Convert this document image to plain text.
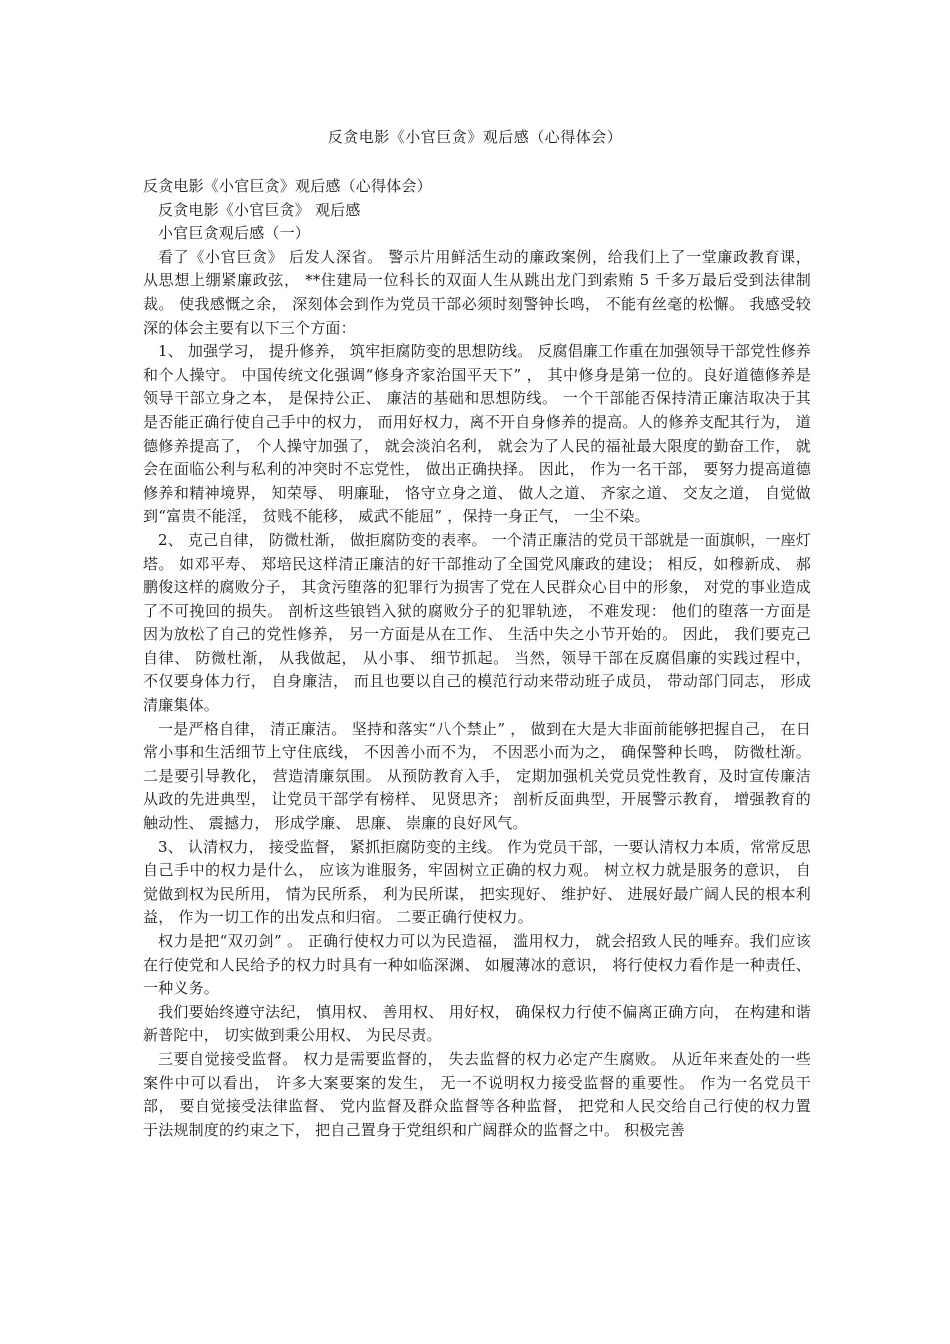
反贪电影《小官巨贪》观后感（心得体会）

反贪电影《小官巨贪》观后感（心得体会）

反贪电影《小官巨贪》 观后感

小官巨贪观后感（一）

看了《小官巨贪》 后发人深省。 警示片用鲜活生动的廉政案例，给我们上了一堂廉政教育课， 从思想上绷紧廉政弦， **住建局一位科长的双面人生从跳出龙门到索贿 5 千多万最后受到法律制裁。 使我感慨之余， 深刻体会到作为党员干部必须时刻警钟长鸣， 不能有丝毫的松懈。 我感受较深的体会主要有以下三个方面：

1、 加强学习， 提升修养， 筑牢拒腐防变的思想防线。 反腐倡廉工作重在加强领导干部党性修养和个人操守。 中国传统文化强调“修身齐家治国平天下” ， 其中修身是第一位的。良好道德修养是领导干部立身之本， 是保持公正、 廉洁的基础和思想防线。 一个干部能否保持清正廉洁取决于其是否能正确行使自己手中的权力， 而用好权力，离不开自身修养的提高。人的修养支配其行为， 道德修养提高了， 个人操守加强了， 就会淡泊名利， 就会为了人民的福祉最大限度的勤奋工作， 就会在面临公利与私利的冲突时不忘党性， 做出正确抉择。 因此， 作为一名干部， 要努力提高道德修养和精神境界， 知荣辱、 明廉耻， 恪守立身之道、 做人之道、 齐家之道、 交友之道， 自觉做到“富贵不能淫， 贫贱不能移， 威武不能屈” ，保持一身正气， 一尘不染。

2、 克己自律， 防微杜渐， 做拒腐防变的表率。 一个清正廉洁的党员干部就是一面旗帜，一座灯塔。 如邓平寿、 郑培民这样清正廉洁的好干部推动了全国党风廉政的建设； 相反，如穆新成、 郝鹏俊这样的腐败分子， 其贪污堕落的犯罪行为损害了党在人民群众心目中的形象， 对党的事业造成了不可挽回的损失。 剖析这些锒铛入狱的腐败分子的犯罪轨迹， 不难发现： 他们的堕落一方面是因为放松了自己的党性修养， 另一方面是从在工作、 生活中失之小节开始的。 因此， 我们要克己自律、 防微杜渐， 从我做起， 从小事、 细节抓起。 当然，领导干部在反腐倡廉的实践过程中， 不仅要身体力行， 自身廉洁， 而且也要以自己的模范行动来带动班子成员， 带动部门同志， 形成清廉集体。

一是严格自律， 清正廉洁。 坚持和落实“八个禁止” ， 做到在大是大非面前能够把握自己， 在日常小事和生活细节上守住底线， 不因善小而不为， 不因恶小而为之， 确保警种长鸣， 防微杜渐。 二是要引导教化， 营造清廉氛围。 从预防教育入手， 定期加强机关党员党性教育，及时宣传廉洁从政的先进典型， 让党员干部学有榜样、 见贤思齐； 剖析反面典型，开展警示教育， 增强教育的触动性、 震撼力， 形成学廉、 思廉、 崇廉的良好风气。

3、 认清权力， 接受监督， 紧抓拒腐防变的主线。 作为党员干部，一要认清权力本质，常常反思自己手中的权力是什么， 应该为谁服务，牢固树立正确的权力观。 树立权力就是服务的意识， 自觉做到权为民所用， 情为民所系， 利为民所谋， 把实现好、 维护好、 进展好最广阔人民的根本利益， 作为一切工作的出发点和归宿。 二要正确行使权力。

权力是把“双刃剑” 。 正确行使权力可以为民造福， 滥用权力， 就会招致人民的唾弃。我们应该在行使党和人民给予的权力时具有一种如临深渊、 如履薄冰的意识， 将行使权力看作是一种责任、 一种义务。

我们要始终遵守法纪， 慎用权、 善用权、 用好权， 确保权力行使不偏离正确方向， 在构建和谐新普陀中， 切实做到秉公用权、 为民尽责。

三要自觉接受监督。 权力是需要监督的， 失去监督的权力必定产生腐败。 从近年来查处的一些案件中可以看出， 许多大案要案的发生， 无一不说明权力接受监督的重要性。 作为一名党员干部， 要自觉接受法律监督、 党内监督及群众监督等各种监督， 把党和人民交给自己行使的权力置于法规制度的约束之下， 把自己置身于党组织和广阔群众的监督之中。 积极完善
